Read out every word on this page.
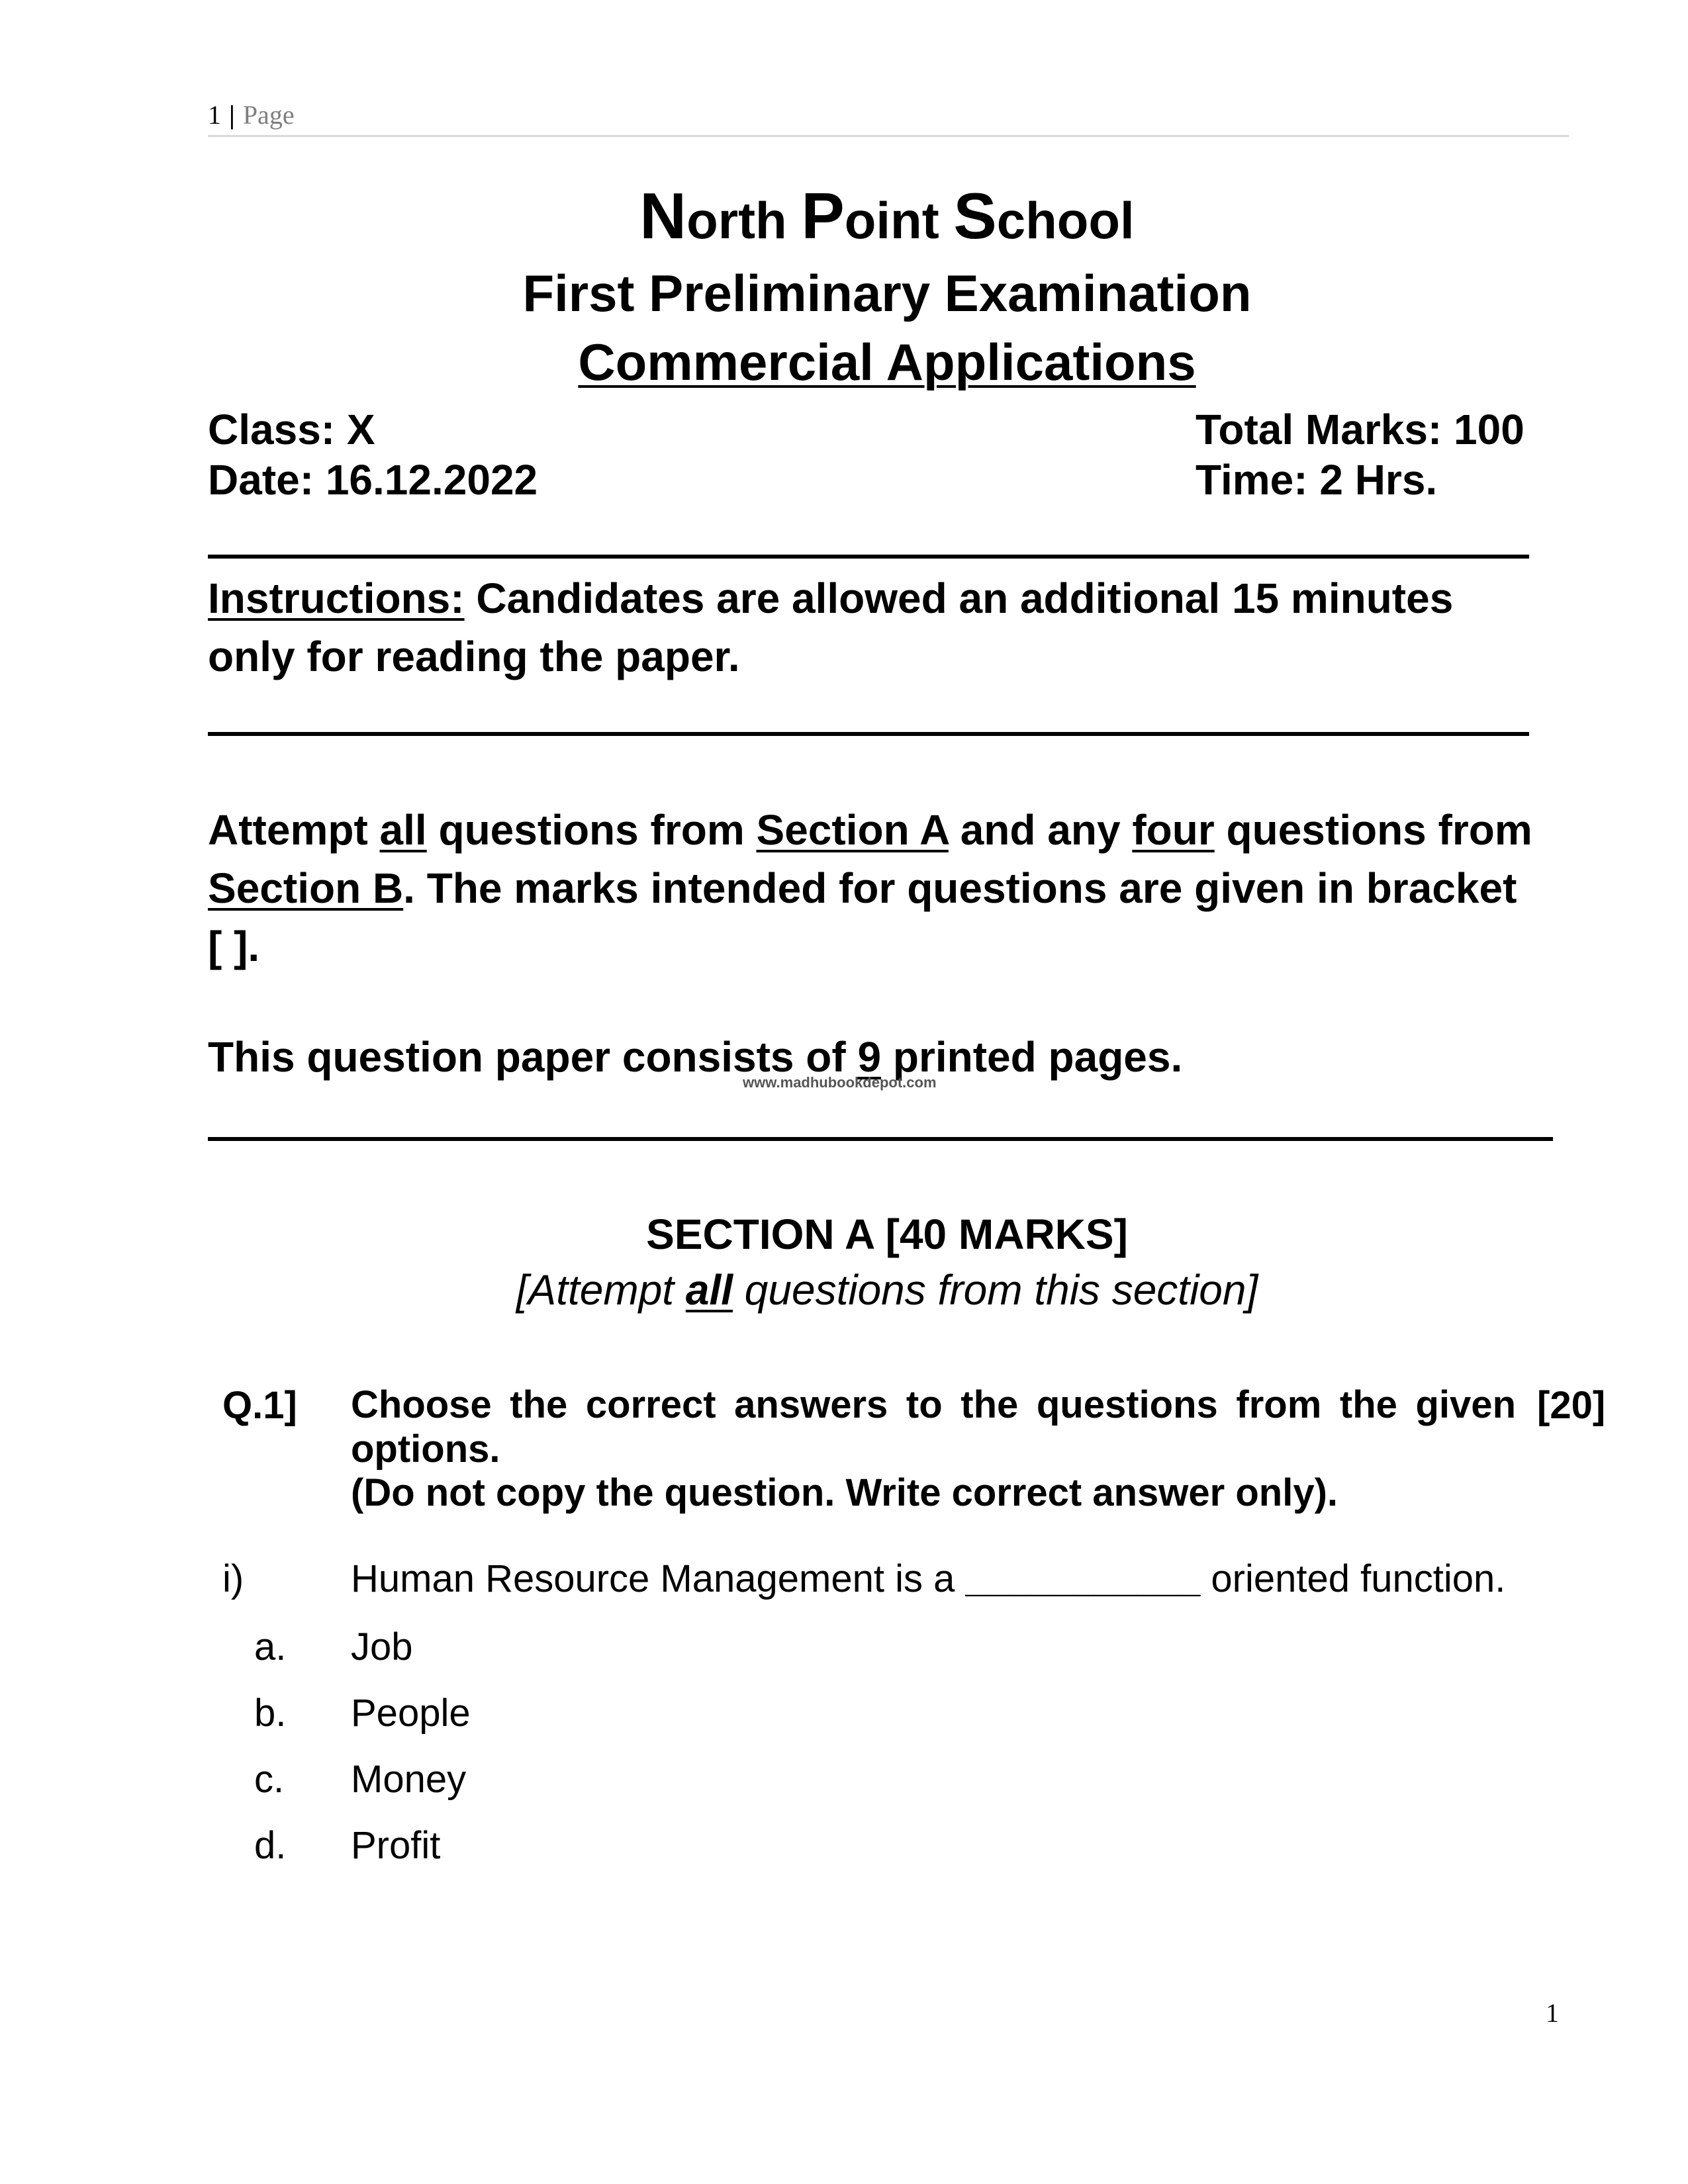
1 | Page
North Point School
First Preliminary Examination
Commercial Applications
Class: X
Date: 16.12.2022
Total Marks: 100
Time: 2 Hrs.
Instructions: Candidates are allowed an additional 15 minutes only for reading the paper.
Attempt all questions from Section A and any four questions from Section B. The marks intended for questions are given in bracket [ ].
This question paper consists of 9 printed pages.
www.madhubookdepot.com
SECTION A [40 MARKS]
[Attempt all questions from this section]
Q.1] Choose the correct answers to the questions from the given
options.
[20]
(Do not copy the question. Write correct answer only).
i)	Human Resource Management is a ___________ oriented function.
a. Job
b. People
c. Money
d. Profit
1
